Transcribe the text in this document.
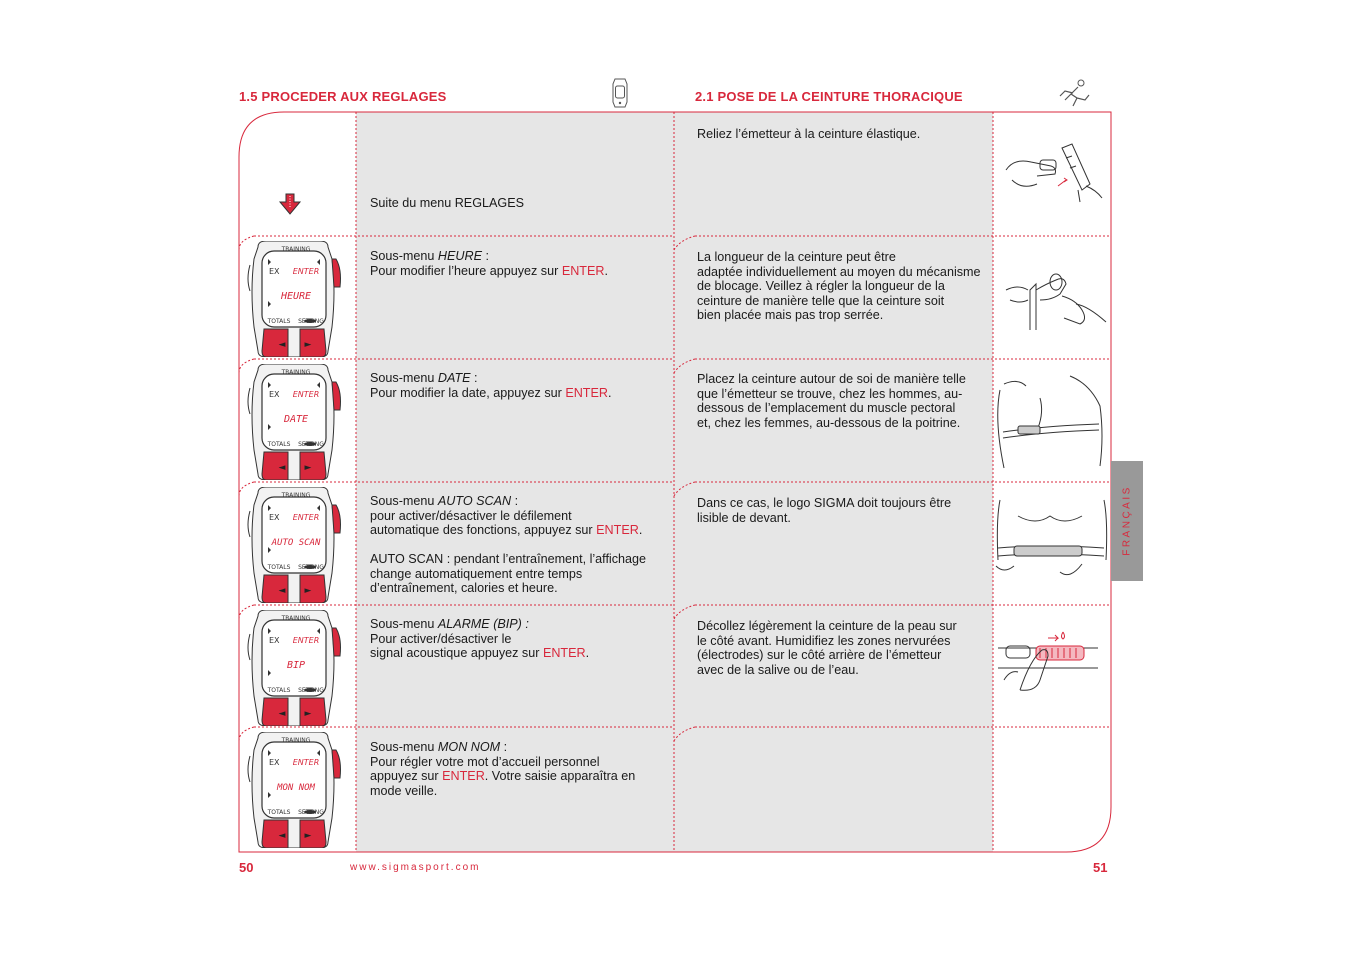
1.5 PROCEDER AUX REGLAGES	2.1 POSE DE LA CEINTURE THORACIQUE
FRANÇAIS
Suite du menu REGLAGES
Sous-menu HEURE :
Pour modifier l’heure appuyez sur ENTER.
Sous-menu DATE :
Pour modifier la date, appuyez sur ENTER.
Sous-menu AUTO SCAN :
pour activer/désactiver le défilement
automatique des fonctions, appuyez sur ENTER.

AUTO SCAN : pendant l’entraînement, l’affichage
change automatiquement entre temps
d’entraînement, calories et heure.
Sous-menu ALARME (BIP) :
Pour activer/désactiver le
signal acoustique appuyez sur ENTER.
Sous-menu MON NOM :
Pour régler votre mot d’accueil personnel
appuyez sur ENTER. Votre saisie apparaîtra en
mode veille.
Reliez l’émetteur à la ceinture élastique.
La longueur de la ceinture peut être
adaptée individuellement au moyen du mécanisme
de blocage. Veillez à régler la longueur de la
ceinture de manière telle que la ceinture soit
bien placée mais pas trop serrée.
Placez la ceinture autour de soi de manière telle
que l’émetteur se trouve, chez les hommes, au-
dessous de l’emplacement du muscle pectoral
et, chez les femmes, au-dessous de la poitrine.
Dans ce cas, le logo SIGMA doit toujours être
lisible de devant.
Décollez légèrement la ceinture de la peau sur
le côté avant. Humidifiez les zones nervurées
(électrodes) sur le côté arrière de l’émetteur
avec de la salive ou de l’eau.
TRAINING
EX ENTER
HEURE
TOTALS SETTING
◄ ►
TRAINING
EX ENTER
DATE
TOTALS SETTING
◄ ►
TRAINING
EX ENTER
AUTO SCAN
TOTALS SETTING
◄ ►
TRAINING
EX ENTER
BIP
TOTALS SETTING
◄ ►
TRAINING
EX ENTER
MON NOM
TOTALS SETTING
◄ ►
50	www.sigmasport.com	51
